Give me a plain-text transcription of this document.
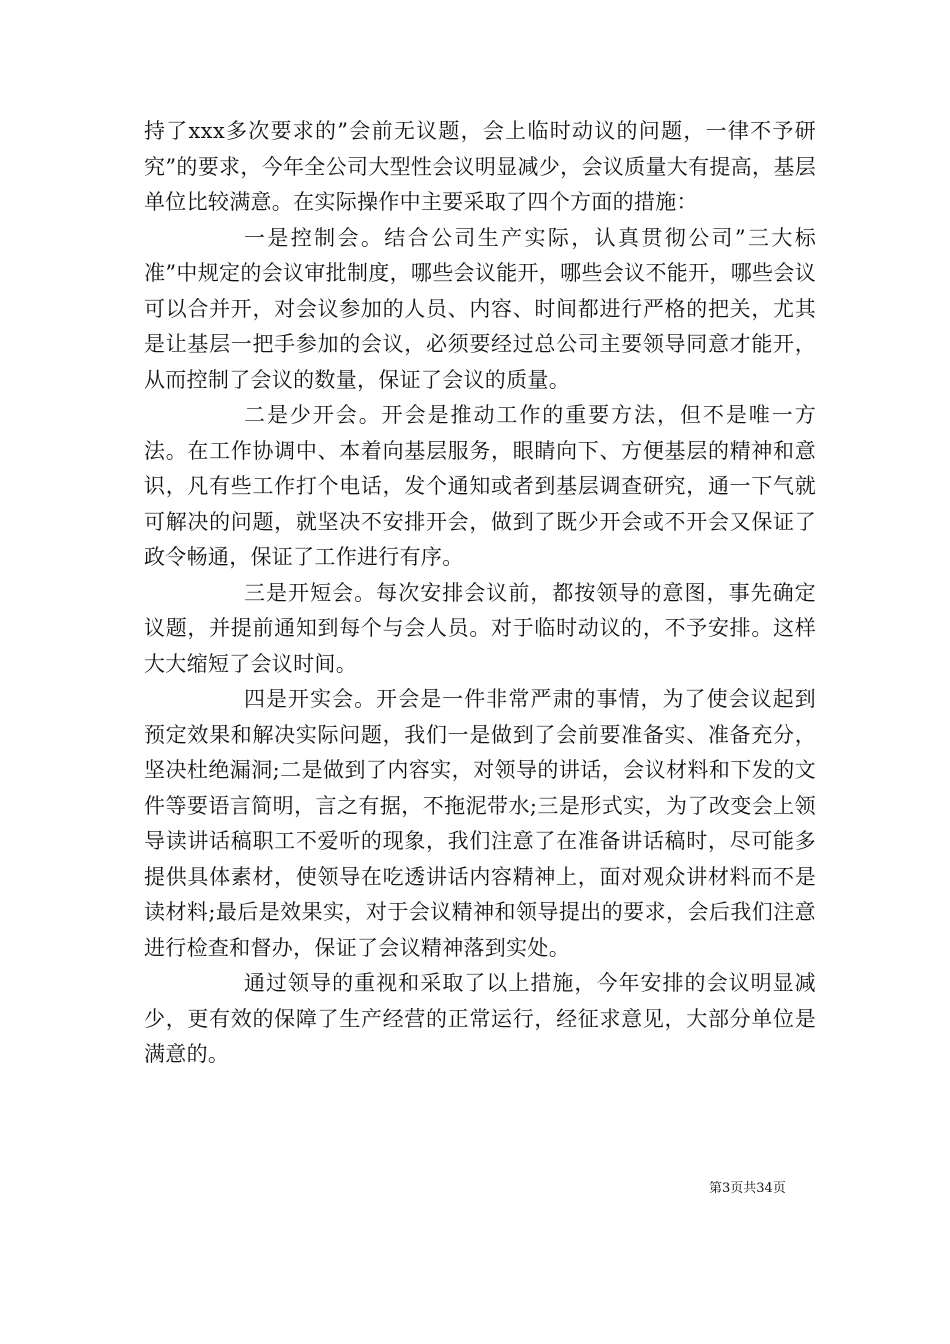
持了xxx多次要求的”会前无议题，会上临时动议的问题，一律不予研究”的要求，今年全公司大型性会议明显减少，会议质量大有提高，基层单位比较满意。在实际操作中主要采取了四个方面的措施：

一是控制会。结合公司生产实际，认真贯彻公司”三大标准”中规定的会议审批制度，哪些会议能开，哪些会议不能开，哪些会议可以合并开，对会议参加的人员、内容、时间都进行严格的把关，尤其是让基层一把手参加的会议，必须要经过总公司主要领导同意才能开，从而控制了会议的数量，保证了会议的质量。

二是少开会。开会是推动工作的重要方法，但不是唯一方法。在工作协调中、本着向基层服务，眼睛向下、方便基层的精神和意识，凡有些工作打个电话，发个通知或者到基层调查研究，通一下气就可解决的问题，就坚决不安排开会，做到了既少开会或不开会又保证了政令畅通，保证了工作进行有序。

三是开短会。每次安排会议前，都按领导的意图，事先确定议题，并提前通知到每个与会人员。对于临时动议的，不予安排。这样大大缩短了会议时间。

四是开实会。开会是一件非常严肃的事情，为了使会议起到预定效果和解决实际问题，我们一是做到了会前要准备实、准备充分，坚决杜绝漏洞;二是做到了内容实，对领导的讲话，会议材料和下发的文件等要语言简明，言之有据，不拖泥带水;三是形式实，为了改变会上领导读讲话稿职工不爱听的现象，我们注意了在准备讲话稿时，尽可能多提供具体素材，使领导在吃透讲话内容精神上，面对观众讲材料而不是读材料;最后是效果实，对于会议精神和领导提出的要求，会后我们注意进行检查和督办，保证了会议精神落到实处。

通过领导的重视和采取了以上措施，今年安排的会议明显减少，更有效的保障了生产经营的正常运行，经征求意见，大部分单位是满意的。

第3页共34页
